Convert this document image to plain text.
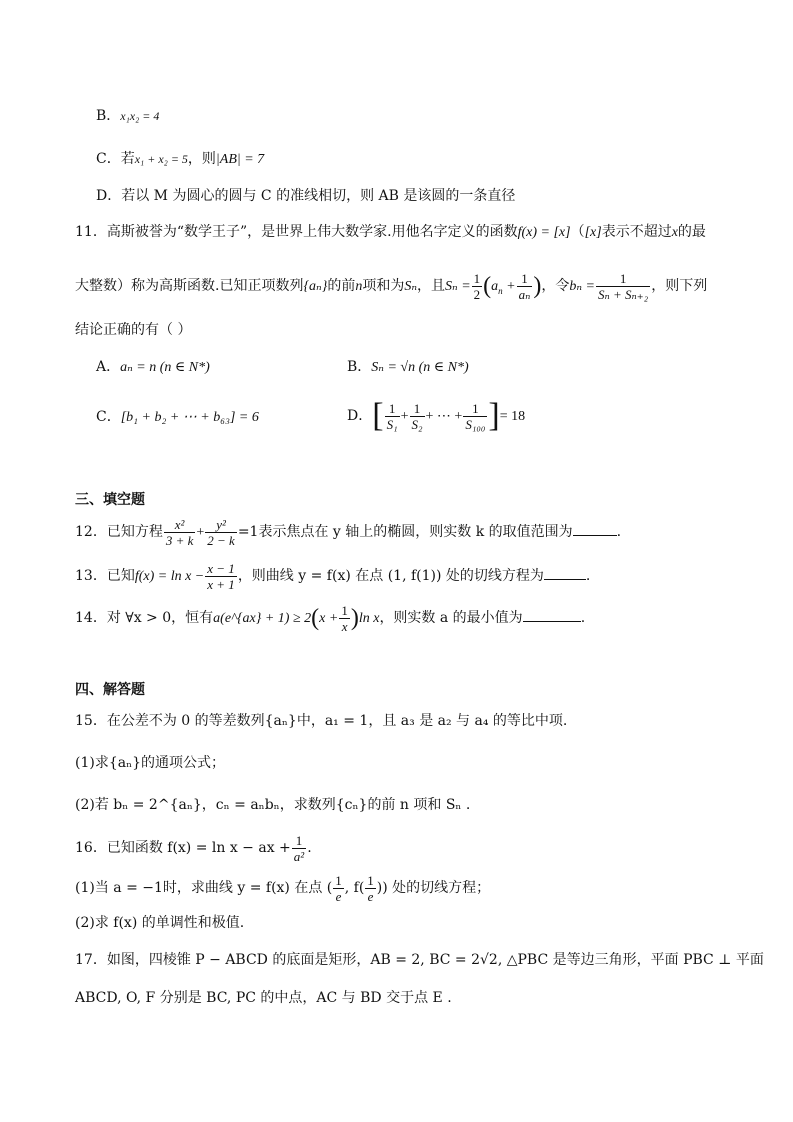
B．x₁x₂ = 4
C．若x₁ + x₂ = 5，则|AB| = 7
D．若以 M 为圆心的圆与 C 的准线相切，则 AB 是该圆的一条直径
11．高斯被誉为“数学王子”，是世界上伟大数学家.用他名字定义的函数f(x) = [x]（[x]表示不超过x的最
大整数）称为高斯函数.已知正项数列{aₙ}的前n项和为Sₙ，且$S_n = \frac{1}{2} (a_n + \frac{1}{\text{aₙ}}$ )，令$b_n = \frac{1}{\text{Sₙ + Sₙ₊₂}}$ ，则下列
结论正确的有（ ）
A．aₙ = n (n ∈ N*)	B．Sₙ = √n (n ∈ N*)
C．[b₁ + b₂ + ⋯ + b₆₃] = 6	D．[ $\frac{1}{\text{S₁}} + \frac{1}{\text{S₂}}$ + ⋯ + $\frac{1}{\text{S₁₀₀}}$ ]= 18
三、填空题
12．已知方程 $\frac{\text{x²}}{3 + k} + \frac{\text{y²}}{2 - k} =1$表示焦点在 y 轴上的椭圆，则实数 k 的取值范围为	.
13．已知$f(x) = \ln x - \frac{x - 1}{x + 1}$ ，则曲线 y = f(x) 在点 (1, f(1)) 处的切线方程为	.
14．对 ∀x > 0，恒有a(e^{ax} + $1) \ge 2(x + \frac{1}{x} )\ln$ x，则实数 a 的最小值为	.
四、解答题
15．在公差不为 0 的等差数列{aₙ}中，a₁ = 1，且 a₃ 是 a₂ 与 a₄ 的等比中项.
(1)求{aₙ}的通项公式；
(2)若 bₙ = 2^{aₙ}，cₙ = aₙbₙ，求数列{cₙ}的前 n 项和 Sₙ .
16．已知函数 f(x) = ln x − ax + $\frac{1}{\text{a²}}$ .
(1)当 a = −1时，求曲线 y = f(x) 在点 ( $\frac{1}{e}$ , $f( \frac{1}{e}$ )) 处的切线方程；
(2)求 f(x) 的单调性和极值.
17．如图，四棱锥 P − ABCD 的底面是矩形，AB = 2, BC = 2√2, △PBC 是等边三角形，平面 PBC ⊥ 平面
ABCD, O, F 分别是 BC, PC 的中点，AC 与 BD 交于点 E .
